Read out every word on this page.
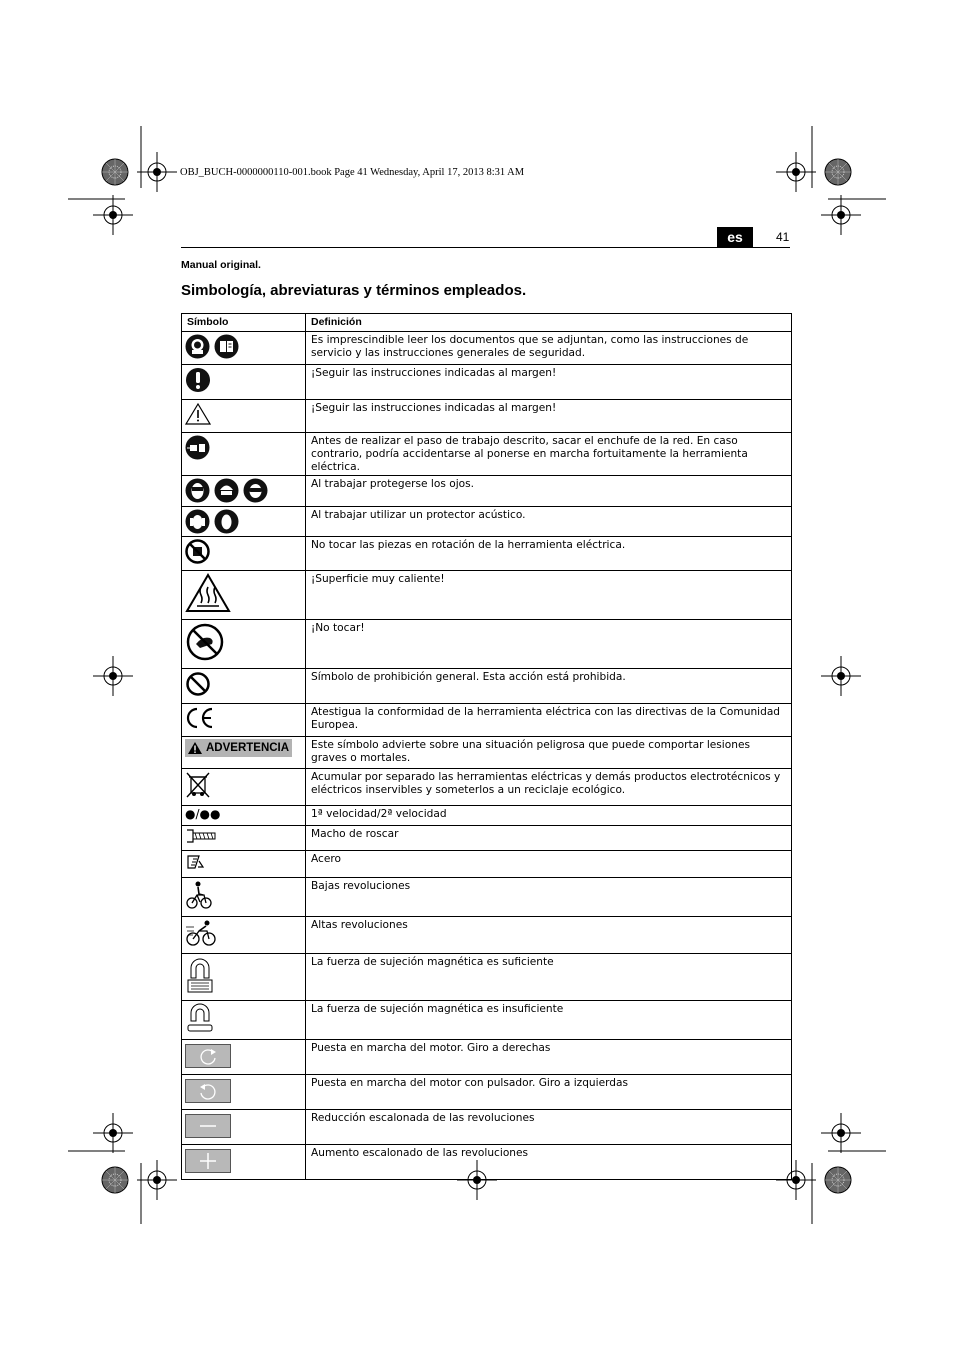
OBJ_BUCH-0000000110-001.book Page 41 Wednesday, April 17, 2013 8:31 AM
es	41
Manual original.
Simbología, abreviaturas y términos empleados.
Símbolo	Definición

	Es imprescindible leer los documentos que se adjuntan, como las instrucciones de servicio y las instrucciones generales de seguridad.
	¡Seguir las instrucciones indicadas al margen!
	¡Seguir las instrucciones indicadas al margen!
	Antes de realizar el paso de trabajo descrito, sacar el enchufe de la red. En caso contrario, podría accidentarse al ponerse en marcha fortuitamente la herramienta eléctrica.

	Al trabajar protegerse los ojos.

	Al trabajar utilizar un protector acústico.
	No tocar las piezas en rotación de la herramienta eléctrica.
	¡Superficie muy caliente!
	¡No tocar!
	Símbolo de prohibición general. Esta acción está prohibida.
	Atestigua la conformidad de la herramienta eléctrica con las directivas de la Comunidad Europea.

ADVERTENCIA	Este símbolo advierte sobre una situación peligrosa que puede comportar lesiones graves o mortales.
	Acumular por separado las herramientas eléctricas y demás productos electrotécnicos y eléctricos inservibles y someterlos a un reciclaje ecológico.
●/●●	1ª velocidad/2ª velocidad
	Macho de roscar
	Acero
	Bajas revoluciones
	Altas revoluciones
	La fuerza de sujeción magnética es suficiente
	La fuerza de sujeción magnética es insuficiente

	Puesta en marcha del motor. Giro a derechas

	Puesta en marcha del motor con pulsador. Giro a izquierdas

	Reducción escalonada de las revoluciones

	Aumento escalonado de las revoluciones
